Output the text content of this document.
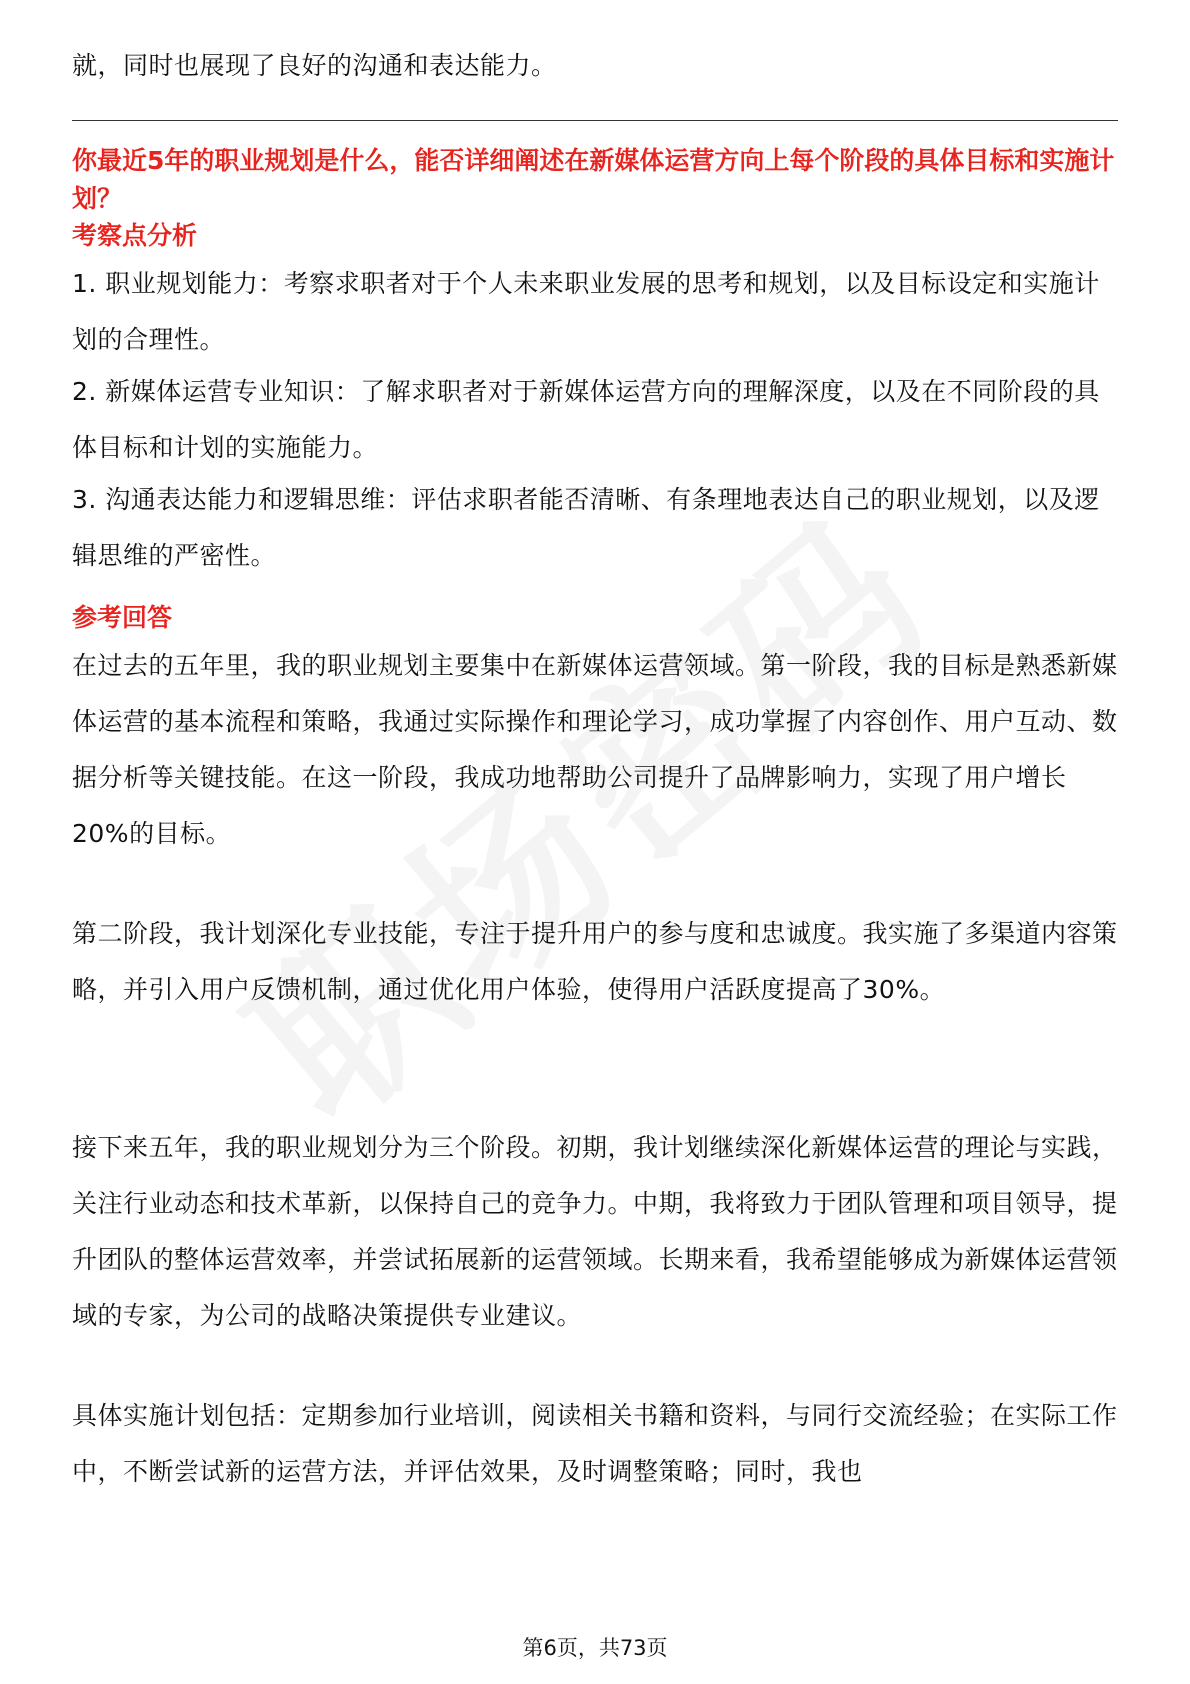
就，同时也展现了良好的沟通和表达能力。
你最近5年的职业规划是什么，能否详细阐述在新媒体运营方向上每个阶段的具体目标和实施计划？
考察点分析
1. 职业规划能力：考察求职者对于个人未来职业发展的思考和规划，以及目标设定和实施计划的合理性。
2. 新媒体运营专业知识：了解求职者对于新媒体运营方向的理解深度，以及在不同阶段的具体目标和计划的实施能力。
3. 沟通表达能力和逻辑思维：评估求职者能否清晰、有条理地表达自己的职业规划，以及逻辑思维的严密性。
参考回答
在过去的五年里，我的职业规划主要集中在新媒体运营领域。第一阶段，我的目标是熟悉新媒体运营的基本流程和策略，我通过实际操作和理论学习，成功掌握了内容创作、用户互动、数据分析等关键技能。在这一阶段，我成功地帮助公司提升了品牌影响力，实现了用户增长20%的目标。
第二阶段，我计划深化专业技能，专注于提升用户的参与度和忠诚度。我实施了多渠道内容策略，并引入用户反馈机制，通过优化用户体验，使得用户活跃度提高了30%。
接下来五年，我的职业规划分为三个阶段。初期，我计划继续深化新媒体运营的理论与实践，关注行业动态和技术革新，以保持自己的竞争力。中期，我将致力于团队管理和项目领导，提升团队的整体运营效率，并尝试拓展新的运营领域。长期来看，我希望能够成为新媒体运营领域的专家，为公司的战略决策提供专业建议。
具体实施计划包括：定期参加行业培训，阅读相关书籍和资料，与同行交流经验；在实际工作中，不断尝试新的运营方法，并评估效果，及时调整策略；同时，我也
第6页，共73页
